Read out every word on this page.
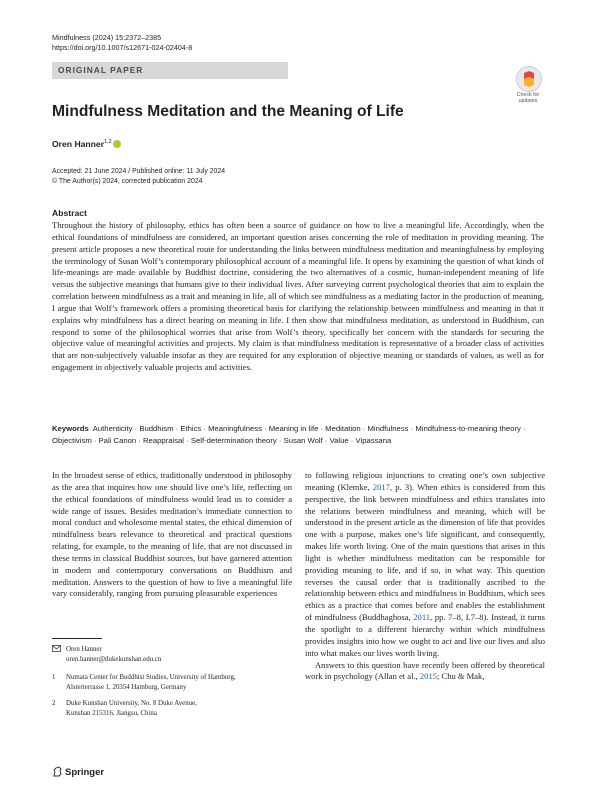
Mindfulness (2024) 15:2372–2385
https://doi.org/10.1007/s12671-024-02404-8
ORIGINAL PAPER
Check for
updates
Mindfulness Meditation and the Meaning of Life
Oren Hanner$^{1,2}$
Accepted: 21 June 2024 / Published online: 11 July 2024
© The Author(s) 2024, corrected publication 2024
Abstract

Throughout the history of philosophy, ethics has often been a source of guidance on how to live a meaningful life. Accordingly, when the ethical foundations of mindfulness are considered, an important question arises concerning the role of meditation in providing meaning. The present article proposes a new theoretical route for understanding the links between mindfulness meditation and meaningfulness by employing the terminology of Susan Wolf’s contemporary philosophical account of a meaningful life. It opens by examining the question of what kinds of life-meanings are made available by Buddhist doctrine, considering the two alternatives of a cosmic, human-independent meaning of life versus the subjective meanings that humans give to their individual lives. After surveying current psychological theories that aim to explain the correlation between mindfulness as a trait and meaning in life, all of which see mindfulness as a mediating factor in the production of meaning, I argue that Wolf’s framework offers a promising theoretical basis for clarifying the relationship between mindfulness and meaning in that it explains why mindfulness has a direct bearing on meaning in life. I then show that mindfulness meditation, as understood in Buddhism, can respond to some of the philosophical worries that arise from Wolf’s theory, specifically her concern with the standards for securing the objective value of meaningful activities and projects. My claim is that mindfulness meditation is representative of a broader class of activities that are non-subjectively valuable insofar as they are required for any exploration of objective meaning or standards of values, as well as for engagement in objectively valuable projects and activities.

Keywords Authenticity · Buddhism · Ethics · Meaningfulness · Meaning in life · Meditation · Mindfulness · Mindfulness-to-meaning theory · Objectivism · Pali Canon · Reappraisal · Self-determination theory · Susan Wolf · Value · Vipassana

In the broadest sense of ethics, traditionally understood in philosophy as the area that inquires how one should live one’s life, reflecting on the ethical foundations of mindfulness would lead us to consider a wide range of issues. Besides meditation’s immediate connection to moral conduct and wholesome mental states, the ethical dimension of mindfulness bears relevance to theoretical and practical questions relating, for example, to the meaning of life, that are not discussed in these terms in classical Buddhist sources, but have garnered attention in modern and contemporary conversations on Buddhism and meditation. Answers to the question of how to live a meaningful life vary considerably, ranging from pursuing pleasurable experiences

to following religious injunctions to creating one’s own subjective meaning (Klemke, 2017, p. 3). When ethics is considered from this perspective, the link between mindfulness and ethics translates into the relations between mindfulness and meaning, which will be understood in the present article as the dimension of life that provides one with a purpose, makes one’s life significant, and consequently, makes life worth living. One of the main questions that arises in this light is whether mindfulness meditation can be responsible for providing meaning to life, and if so, in what way. This question reverses the causal order that is traditionally ascribed to the relationship between ethics and mindfulness in Buddhism, which sees ethics as a practice that comes before and enables the establishment of mindfulness (Buddhaghosa, 2011, pp. 7–8, I.7–8). Instead, it turns the spotlight to a different hierarchy within which mindfulness provides insights into how we ought to act and live our lives and also into what makes our lives worth living.

Answers to this question have recently been offered by theoretical work in psychology (Allan et al., 2015; Chu & Mak,

Oren Hanner
oren.hanner@dukekunshan.edu.cn
1	Numata Center for Buddhist Studies, University of Hamburg,
Alsterterrasse 1, 20354 Hamburg, Germany
2	Duke Kunshan University, No. 8 Duke Avenue,
Kunshan 215316, Jiangsu, China
Springer
